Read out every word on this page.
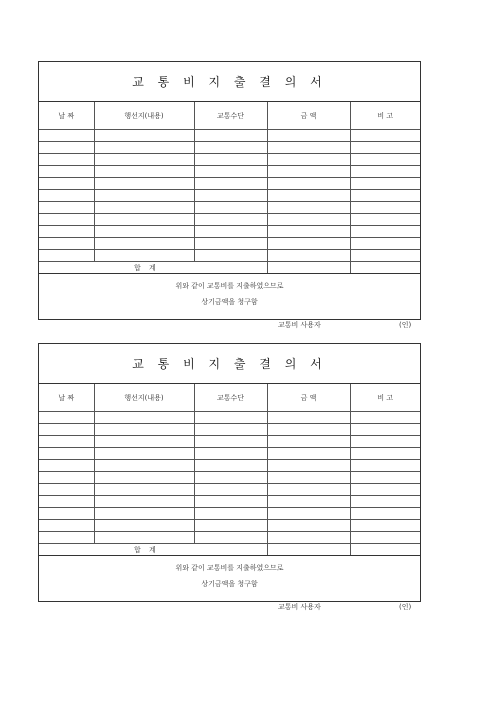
교 통 비 지 출 결 의 서
날 짜	행선지(내용)	교통수단	금 액	비 고

합 계				
위와 같이 교통비를 지출하였으므로
상기금액을 청구함
교통비 사용자	(인)
교 통 비 지 출 결 의 서
날 짜	행선지(내용)	교통수단	금 액	비 고

합 계				
위와 같이 교통비를 지출하였으므로
상기금액을 청구함
교통비 사용자	(인)
